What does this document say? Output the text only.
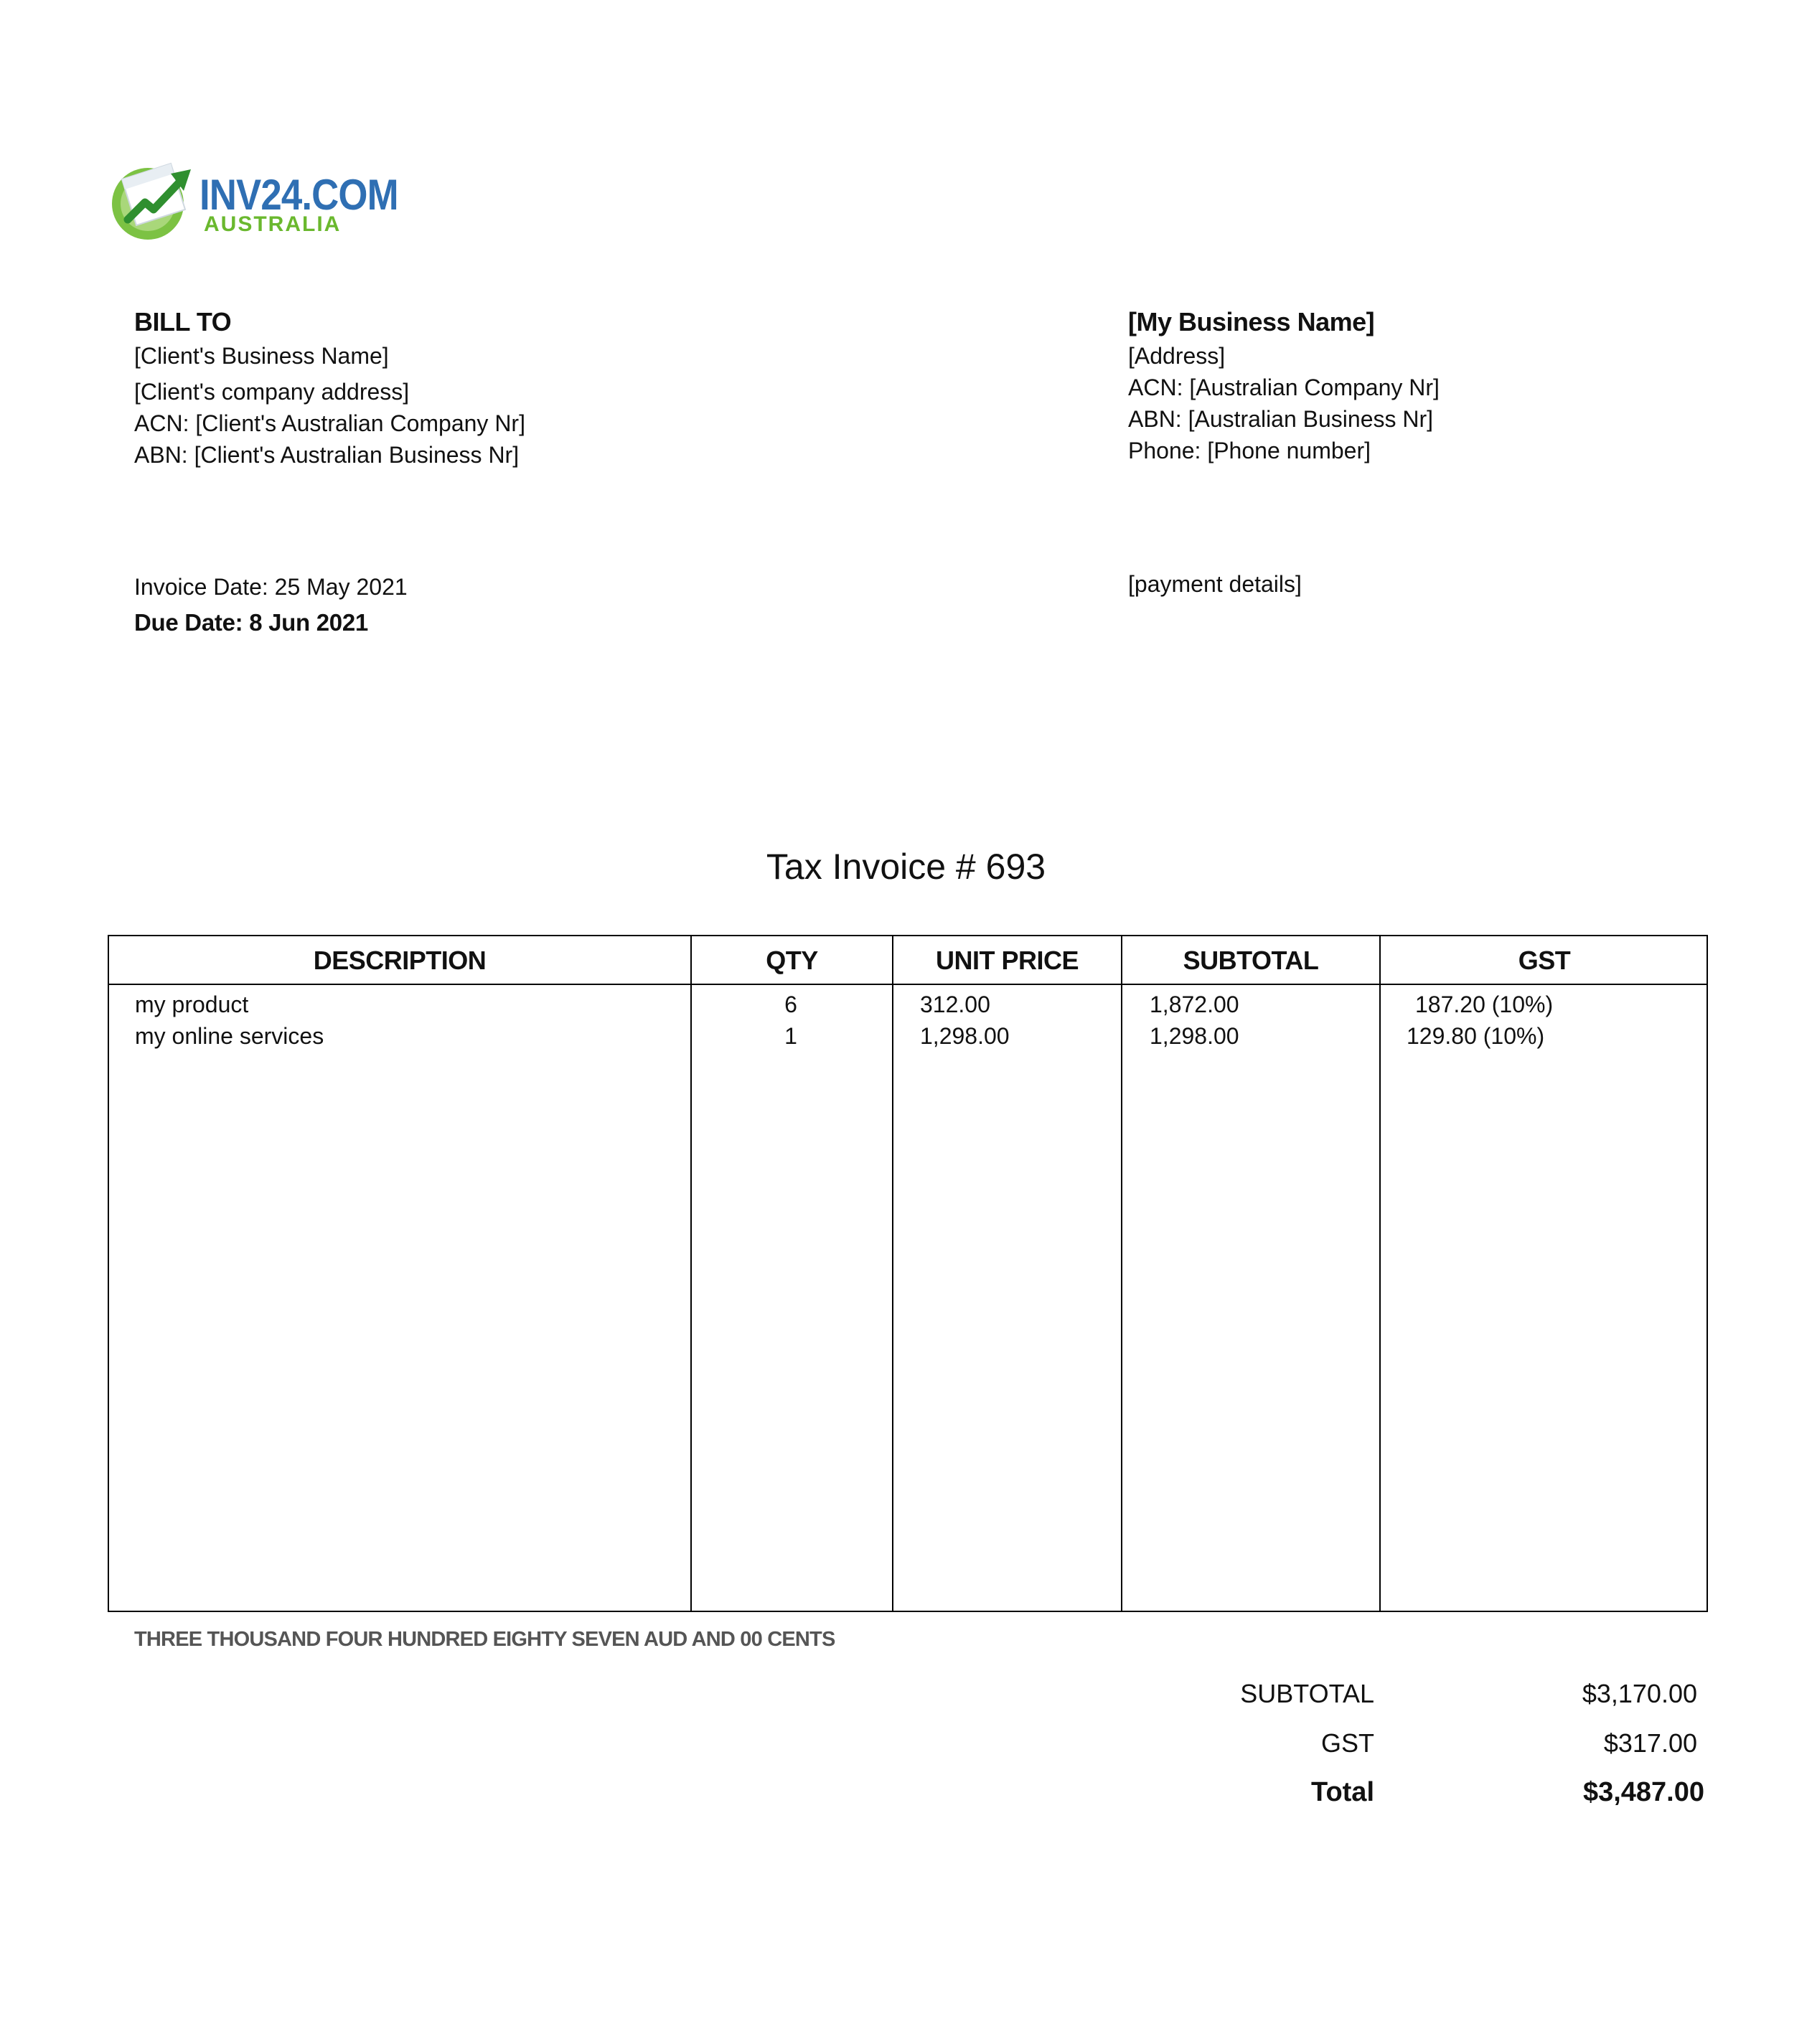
INV24.COM
AUSTRALIA
BILL TO
[Client's Business Name]
[Client's company address]
ACN: [Client's Australian Company Nr]
ABN: [Client's Australian Business Nr]
[My Business Name]
[Address]
ACN: [Australian Company Nr]
ABN: [Australian Business Nr]
Phone: [Phone number]
Invoice Date: 25 May 2021
Due Date: 8 Jun 2021
[payment details]
Tax Invoice # 693
DESCRIPTION	QTY	UNIT PRICE	SUBTOTAL	GST
my product	6	312.00	1,872.00	187.20 (10%)
my online services	1	1,298.00	1,298.00	129.80 (10%)
THREE THOUSAND FOUR HUNDRED EIGHTY SEVEN AUD AND 00 CENTS
SUBTOTAL	$3,170.00
GST	$317.00
Total	$3,487.00
